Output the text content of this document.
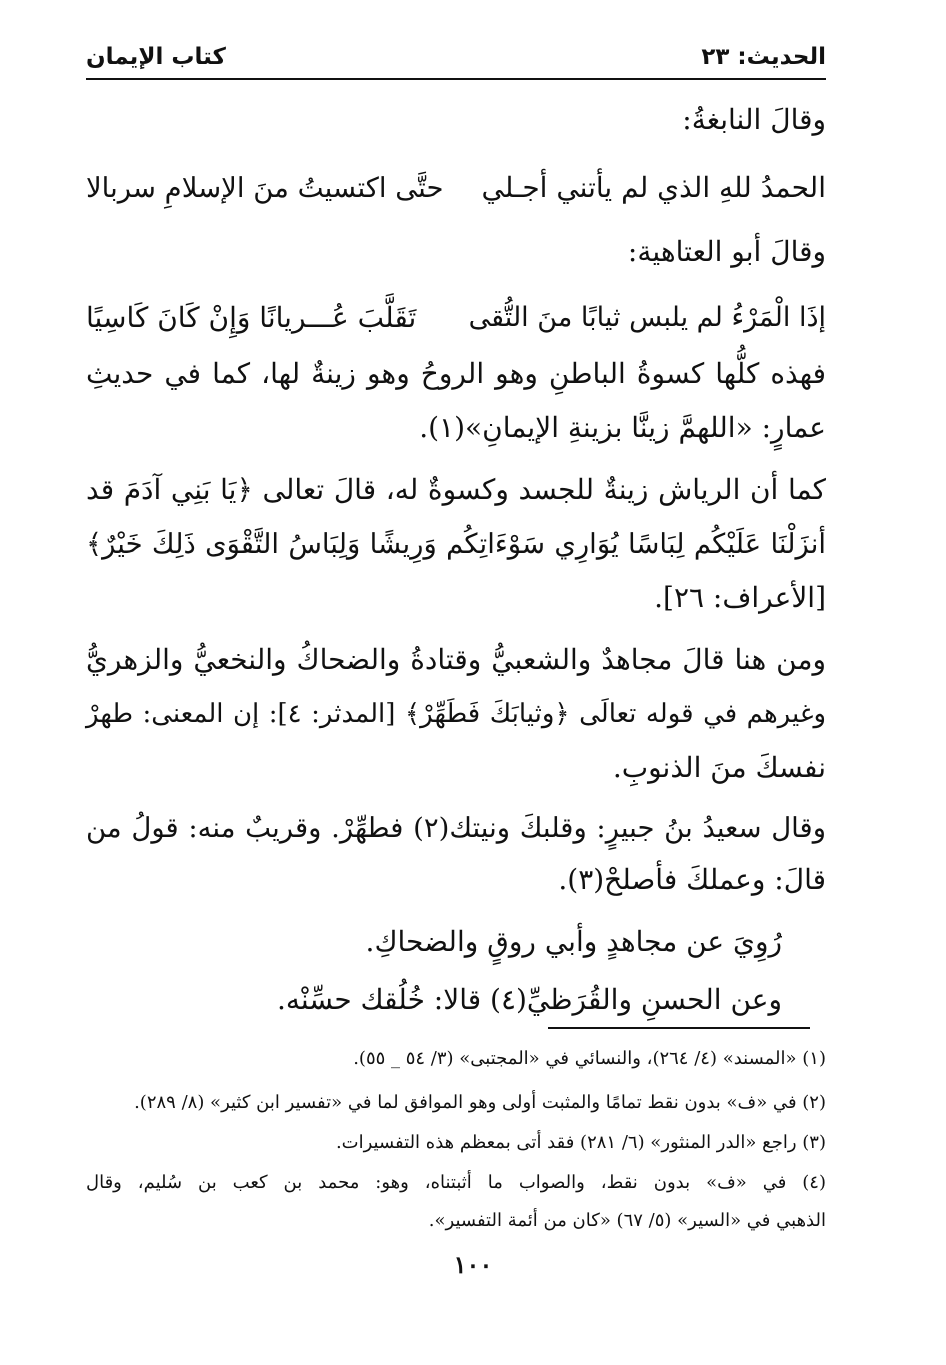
الحديث: ٢٣
كتاب الإيمان
وقالَ النابغةُ:
الحمدُ للهِ الذي لم يأتني أجـلي
حتَّى اكتسيتُ منَ الإسلامِ سربالا
وقالَ أبو العتاهية:
إذَا الْمَرْءُ لم يلبس ثيابًا منَ التُّقى
تَقَلَّبَ عُـــريانًا وَإِنْ كَانَ كَاسِيًا
فهذه كلُّها كسوةُ الباطنِ وهو الروحُ وهو زينةٌ لها، كما في حديثِ
عمارٍ: «اللهمَّ زينَّا بزينةِ الإيمانِ»(١).
كما أن الرياش زينةٌ للجسد وكسوةٌ له، قالَ تعالى ﴿يَا بَنِي آدَمَ قد
أنزَلْنَا عَلَيْكُم لِبَاسًا يُوَارِي سَوْءَاتِكُم وَرِيشًا وَلِبَاسُ التَّقْوَى ذَلِكَ خَيْرٌ﴾
[الأعراف: ٢٦].
ومن هنا قالَ مجاهدٌ والشعبيُّ وقتادةُ والضحاكُ والنخعيُّ والزهريُّ
وغيرهم في قوله تعالَى ﴿وثيابَكَ فَطَهِّرْ﴾ [المدثر: ٤]: إن المعنى: طهرْ
نفسكَ منَ الذنوبِ.
وقال سعيدُ بنُ جبيرٍ: وقلبكَ ونيتك(٢) فطهِّرْ. وقريبٌ منه: قولُ من
قالَ: وعملكَ فأصلحْ(٣).
رُوِيَ عن مجاهدٍ وأبي روقٍ والضحاكِ.
وعن الحسنِ والقُرَظيِّ(٤) قالا: خُلُقك حسِّنْه.
(١) «المسند» (٤/ ٢٦٤)، والنسائي في «المجتبى» (٣/ ٥٤ _ ٥٥).
(٢) في «ف» بدون نقط تمامًا والمثبت أولى وهو الموافق لما في «تفسير ابن كثير» (٨/ ٢٨٩).
(٣) راجع «الدر المنثور» (٦/ ٢٨١) فقد أتى بمعظم هذه التفسيرات.
(٤) في «ف» بدون نقط، والصواب ما أثبتناه، وهو: محمد بن كعب بن سُليم، وقال
الذهبي في «السير» (٥/ ٦٧) «كان من أئمة التفسير».
١٠٠
